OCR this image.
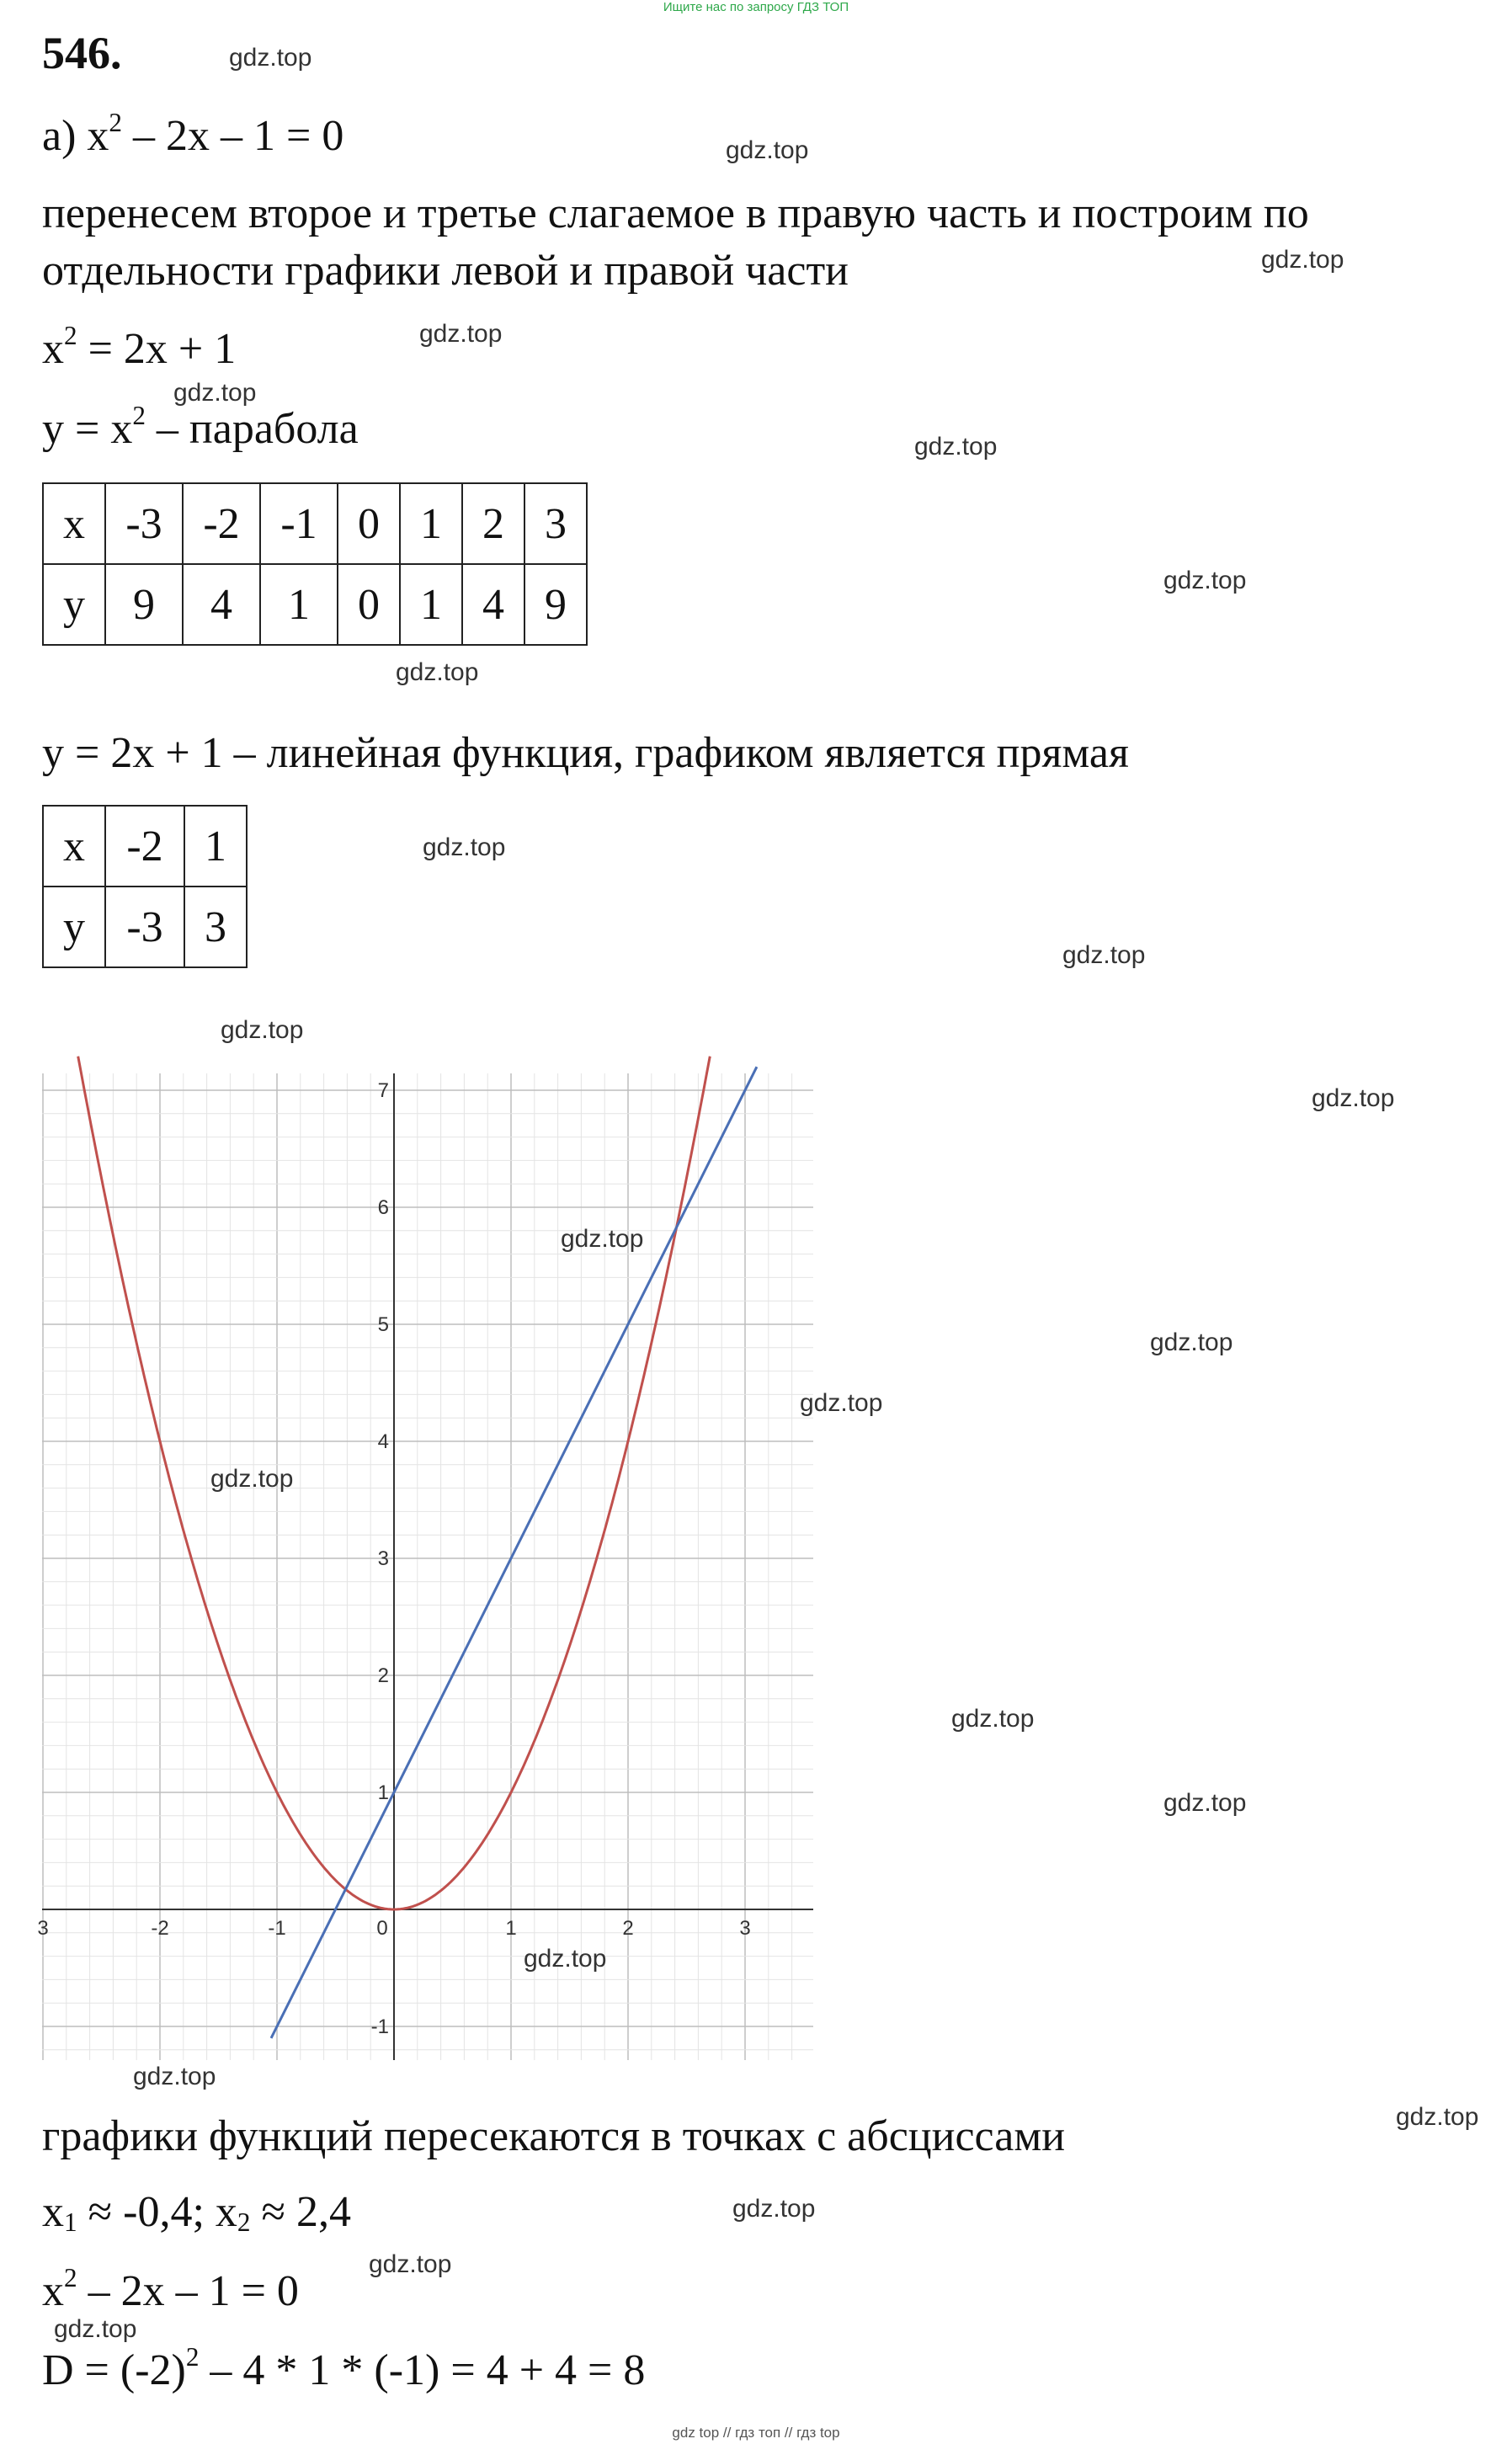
Ищите нас по запросу ГДЗ ТОП
546.
а) $x^2 - 2x - 1 = 0$
перенесем второе и третье слагаемое в правую часть и построим по
отдельности графики левой и правой части
$x^2 = 2x + 1$
$y = x^2$ – парабола
x	-3	-2	-1	0	1	2	3
y	9	4	1	0	1	4	9
y = 2x + 1 – линейная функция, графиком является прямая
x	-2	1
y	-3	3
3	-2	-1	0	1	2	3
-1
1
2
3
4
5
6
7
графики функций пересекаются в точках с абсциссами
$x_1 \approx -0,4$; $x_2 \approx 2,4$
$x^2 - 2x - 1 = 0$
$D = (-2)^2 - 4 * 1 * (-1) = 4 + 4 = 8$
gdz.top
gdz.top
gdz.top
gdz.top
gdz.top
gdz.top
gdz.top
gdz.top
gdz.top
gdz.top
gdz.top
gdz.top
gdz.top
gdz.top
gdz.top
gdz.top
gdz.top
gdz.top
gdz.top
gdz.top
gdz.top
gdz.top
gdz.top
gdz.top
gdz top // гдз топ // гдз top
